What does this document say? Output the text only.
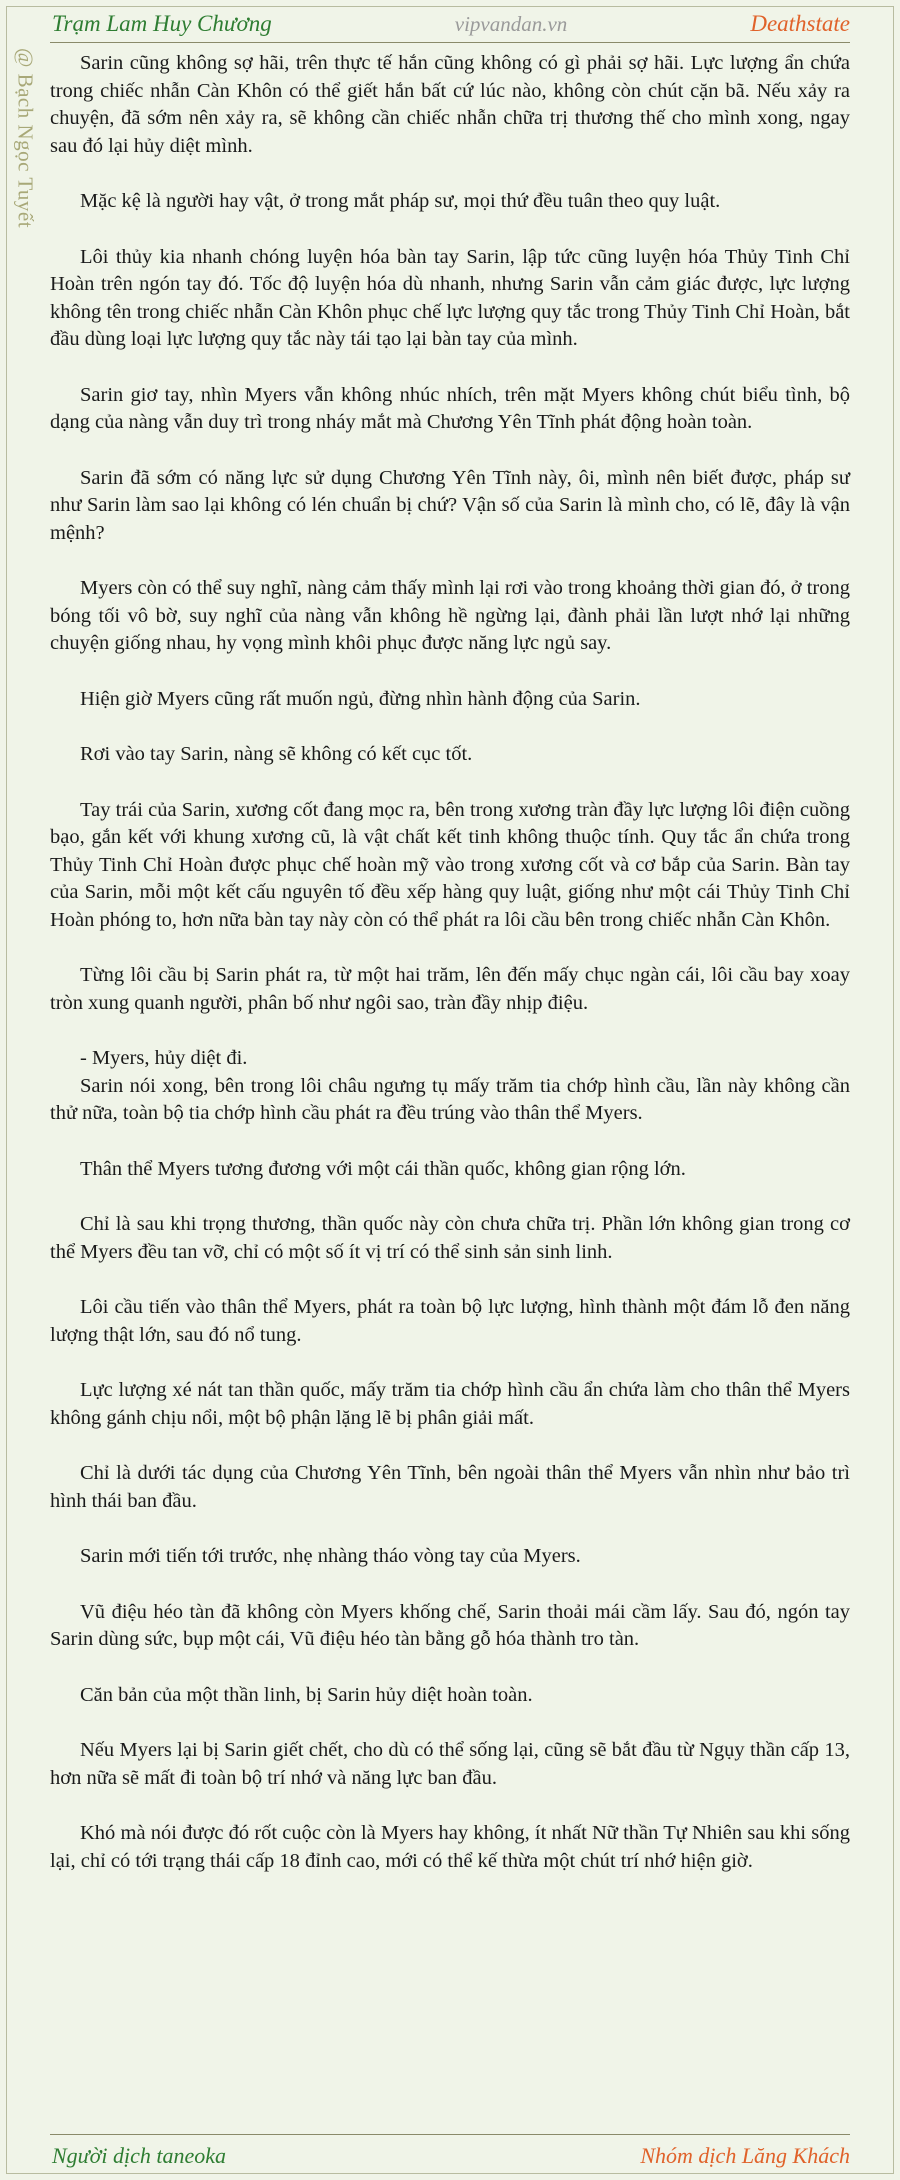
Trạm Lam Huy Chương	vipvandan.vn	Deathstate
@ Bạch Ngọc Tuyết	Sarin cũng không sợ hãi, trên thực tế hắn cũng không có gì phải sợ hãi. Lực lượng ẩn chứa trong chiếc nhẫn Càn Khôn có thể giết hắn bất cứ lúc nào, không còn chút cặn bã. Nếu xảy ra chuyện, đã sớm nên xảy ra, sẽ không cần chiếc nhẫn chữa trị thương thế cho mình xong, ngay sau đó lại hủy diệt mình.

Mặc kệ là người hay vật, ở trong mắt pháp sư, mọi thứ đều tuân theo quy luật.

Lôi thủy kia nhanh chóng luyện hóa bàn tay Sarin, lập tức cũng luyện hóa Thủy Tinh Chỉ Hoàn trên ngón tay đó. Tốc độ luyện hóa dù nhanh, nhưng Sarin vẫn cảm giác được, lực lượng không tên trong chiếc nhẫn Càn Khôn phục chế lực lượng quy tắc trong Thủy Tinh Chỉ Hoàn, bắt đầu dùng loại lực lượng quy tắc này tái tạo lại bàn tay của mình.

Sarin giơ tay, nhìn Myers vẫn không nhúc nhích, trên mặt Myers không chút biểu tình, bộ dạng của nàng vẫn duy trì trong nháy mắt mà Chương Yên Tĩnh phát động hoàn toàn.

Sarin đã sớm có năng lực sử dụng Chương Yên Tĩnh này, ôi, mình nên biết được, pháp sư như Sarin làm sao lại không có lén chuẩn bị chứ? Vận số của Sarin là mình cho, có lẽ, đây là vận mệnh?

Myers còn có thể suy nghĩ, nàng cảm thấy mình lại rơi vào trong khoảng thời gian đó, ở trong bóng tối vô bờ, suy nghĩ của nàng vẫn không hề ngừng lại, đành phải lần lượt nhớ lại những chuyện giống nhau, hy vọng mình khôi phục được năng lực ngủ say.

Hiện giờ Myers cũng rất muốn ngủ, đừng nhìn hành động của Sarin.

Rơi vào tay Sarin, nàng sẽ không có kết cục tốt.

Tay trái của Sarin, xương cốt đang mọc ra, bên trong xương tràn đầy lực lượng lôi điện cuồng bạo, gắn kết với khung xương cũ, là vật chất kết tinh không thuộc tính. Quy tắc ẩn chứa trong Thủy Tinh Chỉ Hoàn được phục chế hoàn mỹ vào trong xương cốt và cơ bắp của Sarin. Bàn tay của Sarin, mỗi một kết cấu nguyên tố đều xếp hàng quy luật, giống như một cái Thủy Tinh Chỉ Hoàn phóng to, hơn nữa bàn tay này còn có thể phát ra lôi cầu bên trong chiếc nhẫn Càn Khôn.

Từng lôi cầu bị Sarin phát ra, từ một hai trăm, lên đến mấy chục ngàn cái, lôi cầu bay xoay tròn xung quanh người, phân bố như ngôi sao, tràn đầy nhịp điệu.

- Myers, hủy diệt đi.

Sarin nói xong, bên trong lôi châu ngưng tụ mấy trăm tia chớp hình cầu, lần này không cần thử nữa, toàn bộ tia chớp hình cầu phát ra đều trúng vào thân thể Myers.

Thân thể Myers tương đương với một cái thần quốc, không gian rộng lớn.

Chỉ là sau khi trọng thương, thần quốc này còn chưa chữa trị. Phần lớn không gian trong cơ thể Myers đều tan vỡ, chỉ có một số ít vị trí có thể sinh sản sinh linh.

Lôi cầu tiến vào thân thể Myers, phát ra toàn bộ lực lượng, hình thành một đám lỗ đen năng lượng thật lớn, sau đó nổ tung.

Lực lượng xé nát tan thần quốc, mấy trăm tia chớp hình cầu ẩn chứa làm cho thân thể Myers không gánh chịu nổi, một bộ phận lặng lẽ bị phân giải mất.

Chỉ là dưới tác dụng của Chương Yên Tĩnh, bên ngoài thân thể Myers vẫn nhìn như bảo trì hình thái ban đầu.

Sarin mới tiến tới trước, nhẹ nhàng tháo vòng tay của Myers.

Vũ điệu héo tàn đã không còn Myers khống chế, Sarin thoải mái cầm lấy. Sau đó, ngón tay Sarin dùng sức, bụp một cái, Vũ điệu héo tàn bằng gỗ hóa thành tro tàn.

Căn bản của một thần linh, bị Sarin hủy diệt hoàn toàn.

Nếu Myers lại bị Sarin giết chết, cho dù có thể sống lại, cũng sẽ bắt đầu từ Ngụy thần cấp 13, hơn nữa sẽ mất đi toàn bộ trí nhớ và năng lực ban đầu.

Khó mà nói được đó rốt cuộc còn là Myers hay không, ít nhất Nữ thần Tự Nhiên sau khi sống lại, chỉ có tới trạng thái cấp 18 đỉnh cao, mới có thể kế thừa một chút trí nhớ hiện giờ.

Người dịch taneoka	Nhóm dịch Lăng Khách
